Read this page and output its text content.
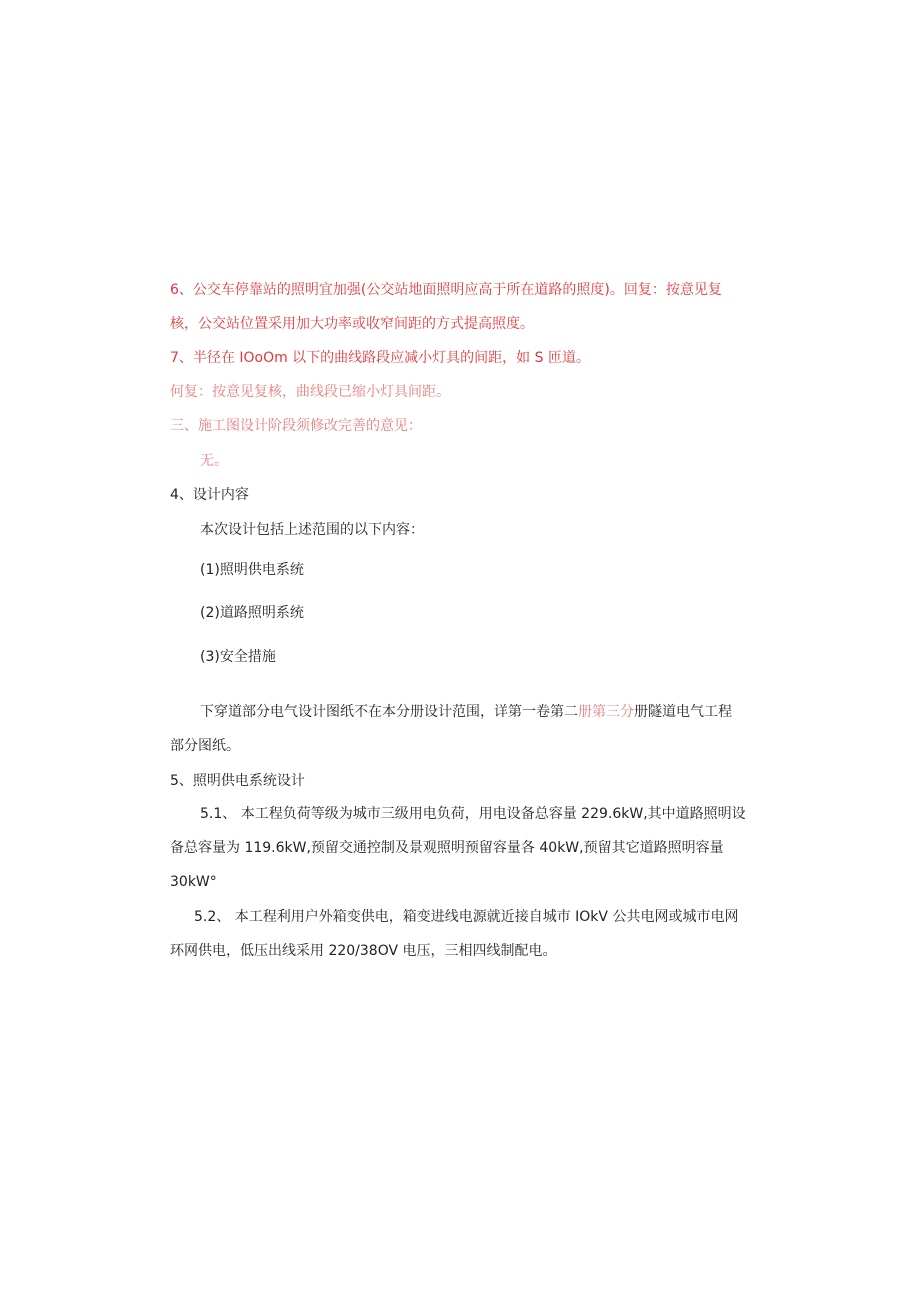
6、公交车停靠站的照明宜加强(公交站地面照明应高于所在道路的照度)。回复：按意见复
核，公交站位置采用加大功率或收窄间距的方式提高照度。
7、半径在 IOoOm 以下的曲线路段应减小灯具的间距，如 S 匝道。
何复：按意见复核，曲线段已缩小灯具间距。
三、施工图设计阶段须修改完善的意见：
无。
4、设计内容
本次设计包括上述范围的以下内容：
(1)照明供电系统
(2)道路照明系统
(3)安全措施
下穿道部分电气设计图纸不在本分册设计范围，详第一卷第二册第三分册隧道电气工程
部分图纸。
5、照明供电系统设计
5.1、 本工程负荷等级为城市三级用电负荷，用电设备总容量 229.6kW,其中道路照明设
备总容量为 119.6kW,预留交通控制及景观照明预留容量各 40kW,预留其它道路照明容量
30kW°
5.2、 本工程利用户外箱变供电，箱变进线电源就近接自城市 IOkV 公共电网或城市电网
环网供电，低压出线采用 220/38OV 电压，三相四线制配电。
